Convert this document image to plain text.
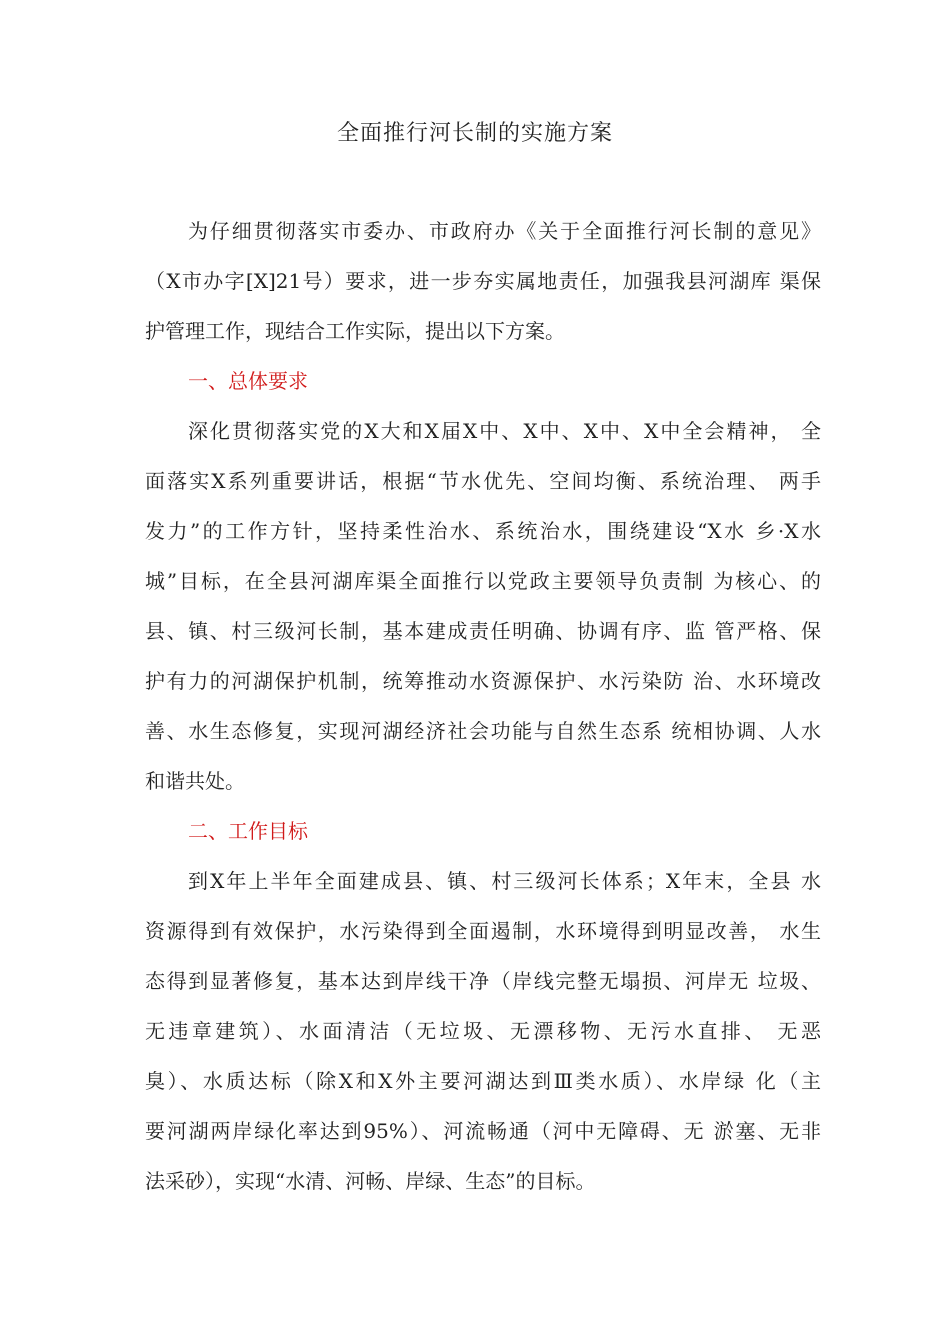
全面推行河长制的实施方案
为仔细贯彻落实市委办、市政府办《关于全面推行河长制的意见》
（X市办字[X]21号）要求，进一步夯实属地责任，加强我县河湖库 渠保
护管理工作，现结合工作实际，提出以下方案。
一、总体要求
深化贯彻落实党的X大和X届X中、X中、X中、X中全会精神， 全
面落实X系列重要讲话，根据“节水优先、空间均衡、系统治理、 两手
发力”的工作方针，坚持柔性治水、系统治水，围绕建设“X水 乡·X水
城”目标，在全县河湖库渠全面推行以党政主要领导负责制 为核心、的
县、镇、村三级河长制，基本建成责任明确、协调有序、监 管严格、保
护有力的河湖保护机制，统筹推动水资源保护、水污染防 治、水环境改
善、水生态修复，实现河湖经济社会功能与自然生态系 统相协调、人水
和谐共处。
二、工作目标
到X年上半年全面建成县、镇、村三级河长体系；X年末，全县 水
资源得到有效保护，水污染得到全面遏制，水环境得到明显改善， 水生
态得到显著修复，基本达到岸线干净（岸线完整无塌损、河岸无 垃圾、
无违章建筑）、水面清洁（无垃圾、无漂移物、无污水直排、 无恶
臭）、水质达标（除X和X外主要河湖达到Ⅲ类水质）、水岸绿 化（主
要河湖两岸绿化率达到95%）、河流畅通（河中无障碍、无 淤塞、无非
法采砂），实现“水清、河畅、岸绿、生态”的目标。
